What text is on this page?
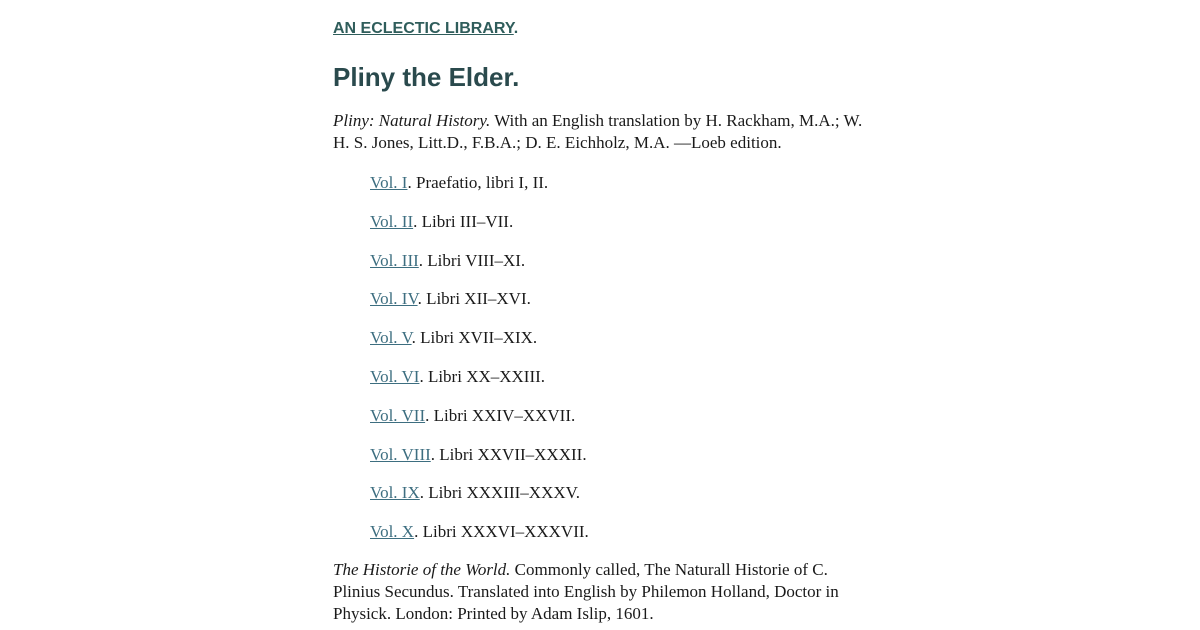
AN ECLECTIC LIBRARY.
Pliny the Elder.

Pliny: Natural History. With an English translation by H. Rackham, M.A.; W. H. S. Jones, Litt.D., F.B.A.; D. E. Eichholz, M.A. —Loeb edition.

Vol. I. Praefatio, libri I, II.
Vol. II. Libri III–VII.
Vol. III. Libri VIII–XI.
Vol. IV. Libri XII–XVI.
Vol. V. Libri XVII–XIX.
Vol. VI. Libri XX–XXIII.
Vol. VII. Libri XXIV–XXVII.
Vol. VIII. Libri XXVII–XXXII.
Vol. IX. Libri XXXIII–XXXV.
Vol. X. Libri XXXVI–XXXVII.

The Historie of the World. Commonly called, The Naturall Historie of C. Plinius Secundus. Translated into English by Philemon Holland, Doctor in Physick. London: Printed by Adam Islip, 1601.
